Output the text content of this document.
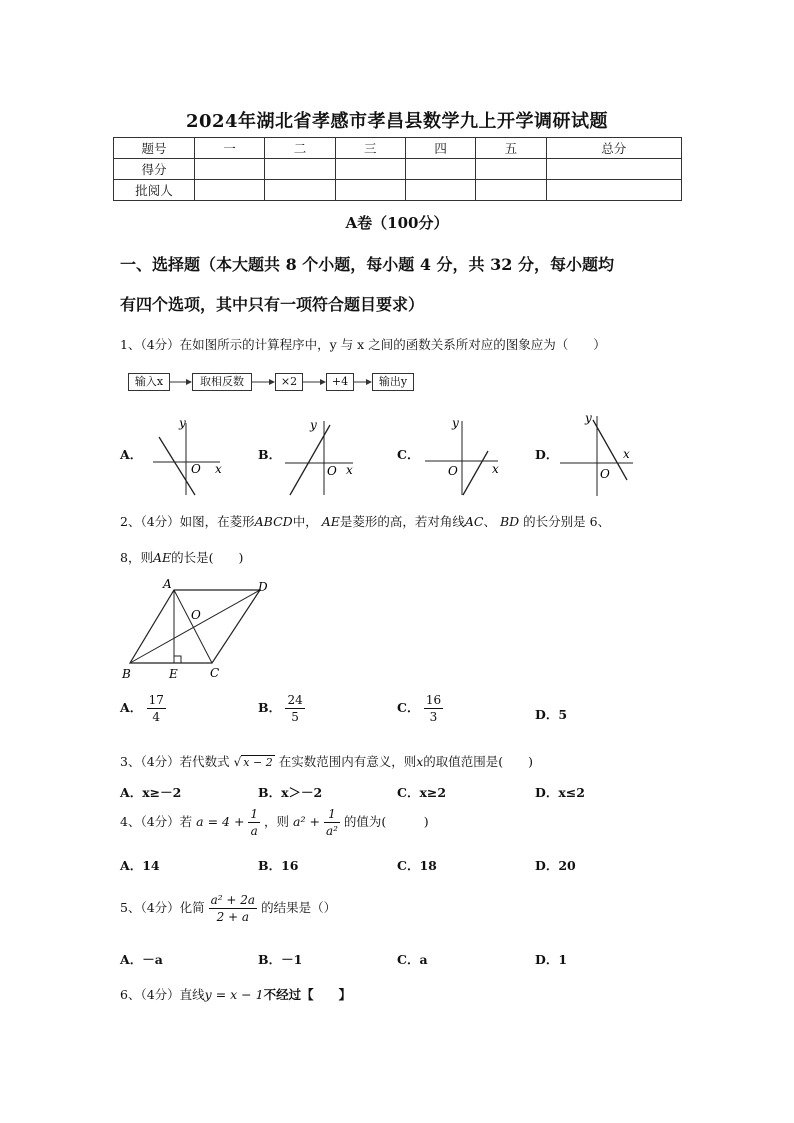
2024年湖北省孝感市孝昌县数学九上开学调研试题
题号	一	二	三	四	五	总分
得分						
批阅人						
A卷（100分）
一、选择题（本大题共 8 个小题，每小题 4 分，共 32 分，每小题均
有四个选项，其中只有一项符合题目要求）
1、（4分）在如图所示的计算程序中，y 与 x 之间的函数关系所对应的图象应为（　　）
输入x	取相反数	×2	+4	输出y
A．
y
x
O
B．
y
x
O
C．
y
x
O
D．
y
x
O
2、（4分）如图，在菱形ABCD中， AE是菱形的高，若对角线AC、 BD 的长分别是 6、
8，则AE的长是(　　)
A	D
O
B	E	C
A． $\frac{17}{4}$	B． $\frac{24}{5}$	C． $\frac{16}{3}$	D．5
3、（4分）若代数式 √ x − 2 在实数范围内有意义，则x的取值范围是(　　)
A．x≥－2	B．x＞－2	C．x≥2	D．x≤2
4、（4分）若 $a = 4 + \frac{1}{a}$ ，则 $a^2 + \frac{1}{\text{a²}}$ 的值为(　　　)
A．14	B．16	C．18	D．20
5、（4分）化简 $\frac{\text{a² + 2a}}{2 + a}$ 的结果是（）
A．－a	B．－1	C．a	D．1
6、（4分）直线y = x − 1不经过【　　】
